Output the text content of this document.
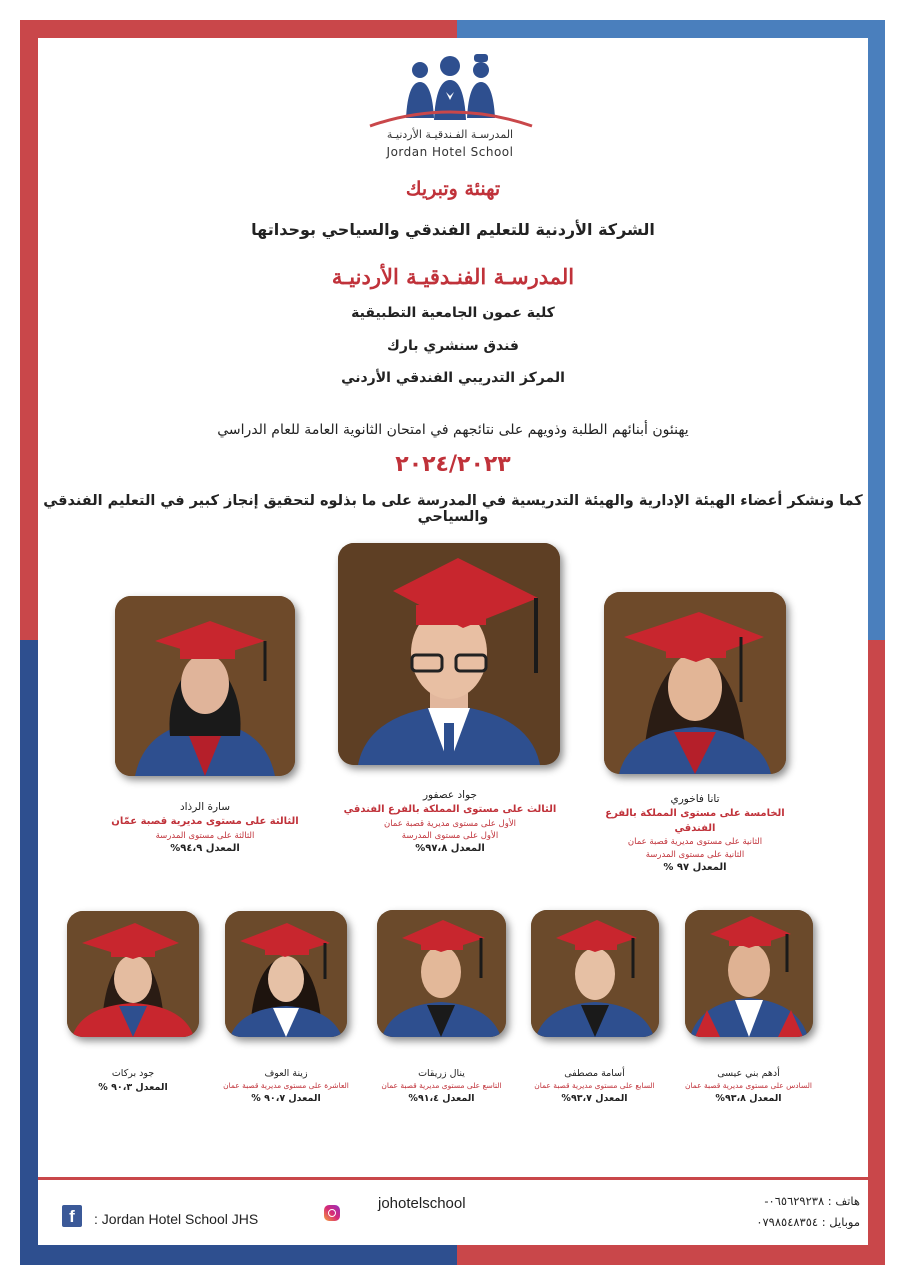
المدرسـة الفـندقيـة الأردنيـة
Jordan Hotel School
تهنئة وتبريك
الشركة الأردنية للتعليم الفندقي والسياحي بوحداتها
المدرسـة الفنـدقيـة الأردنيـة
كلية عمون الجامعية التطبيقية
فندق سنشري بارك
المركز التدريبي الفندقي الأردني
يهنئون أبنائهم الطلبة وذويهم على نتائجهم في امتحان الثانوية العامة للعام الدراسي
٢٠٢٤/٢٠٢٣
كما ونشكر أعضاء الهيئة الإدارية والهيئة التدريسية في المدرسة على ما بذلوه لتحقيق إنجاز كبير في التعليم الفندقي والسياحي
سارة الرذاد
الثالثة على مستوى مديرية قصبة عمّان
الثالثة على مستوى المدرسة
المعدل ٩٤،٩%
جواد عصفور
الثالث على مستوى المملكة بالفرع الفندقي
الأول على مستوى مديرية قصبة عمان
الأول على مستوى المدرسة
المعدل ٩٧،٨%
تانا فاخوري
الخامسة على مستوى المملكة بالفرع الفندقي
الثانية على مستوى مديرية قصبة عمان
الثانية على مستوى المدرسة
المعدل ٩٧ %
جود بركات
المعدل ٩٠،٣ %
زينة العوف
العاشرة على مستوى مديرية قصبة عمان
المعدل ٩٠،٧ %
ينال زريقات
التاسع على مستوى مديرية قصبة عمان
المعدل ٩١،٤%
أسامة مصطفى
السابع على مستوى مديرية قصبة عمان
المعدل ٩٣،٧%
أدهم بني عيسى
السادس على مستوى مديرية قصبة عمان
المعدل ٩٣،٨%
f	: Jordan Hotel School JHS
johotelschool	هاتف : ٠٦٥٦٢٩٢٣٨-
موبايل : ٠٧٩٨٥٤٨٣٥٤
